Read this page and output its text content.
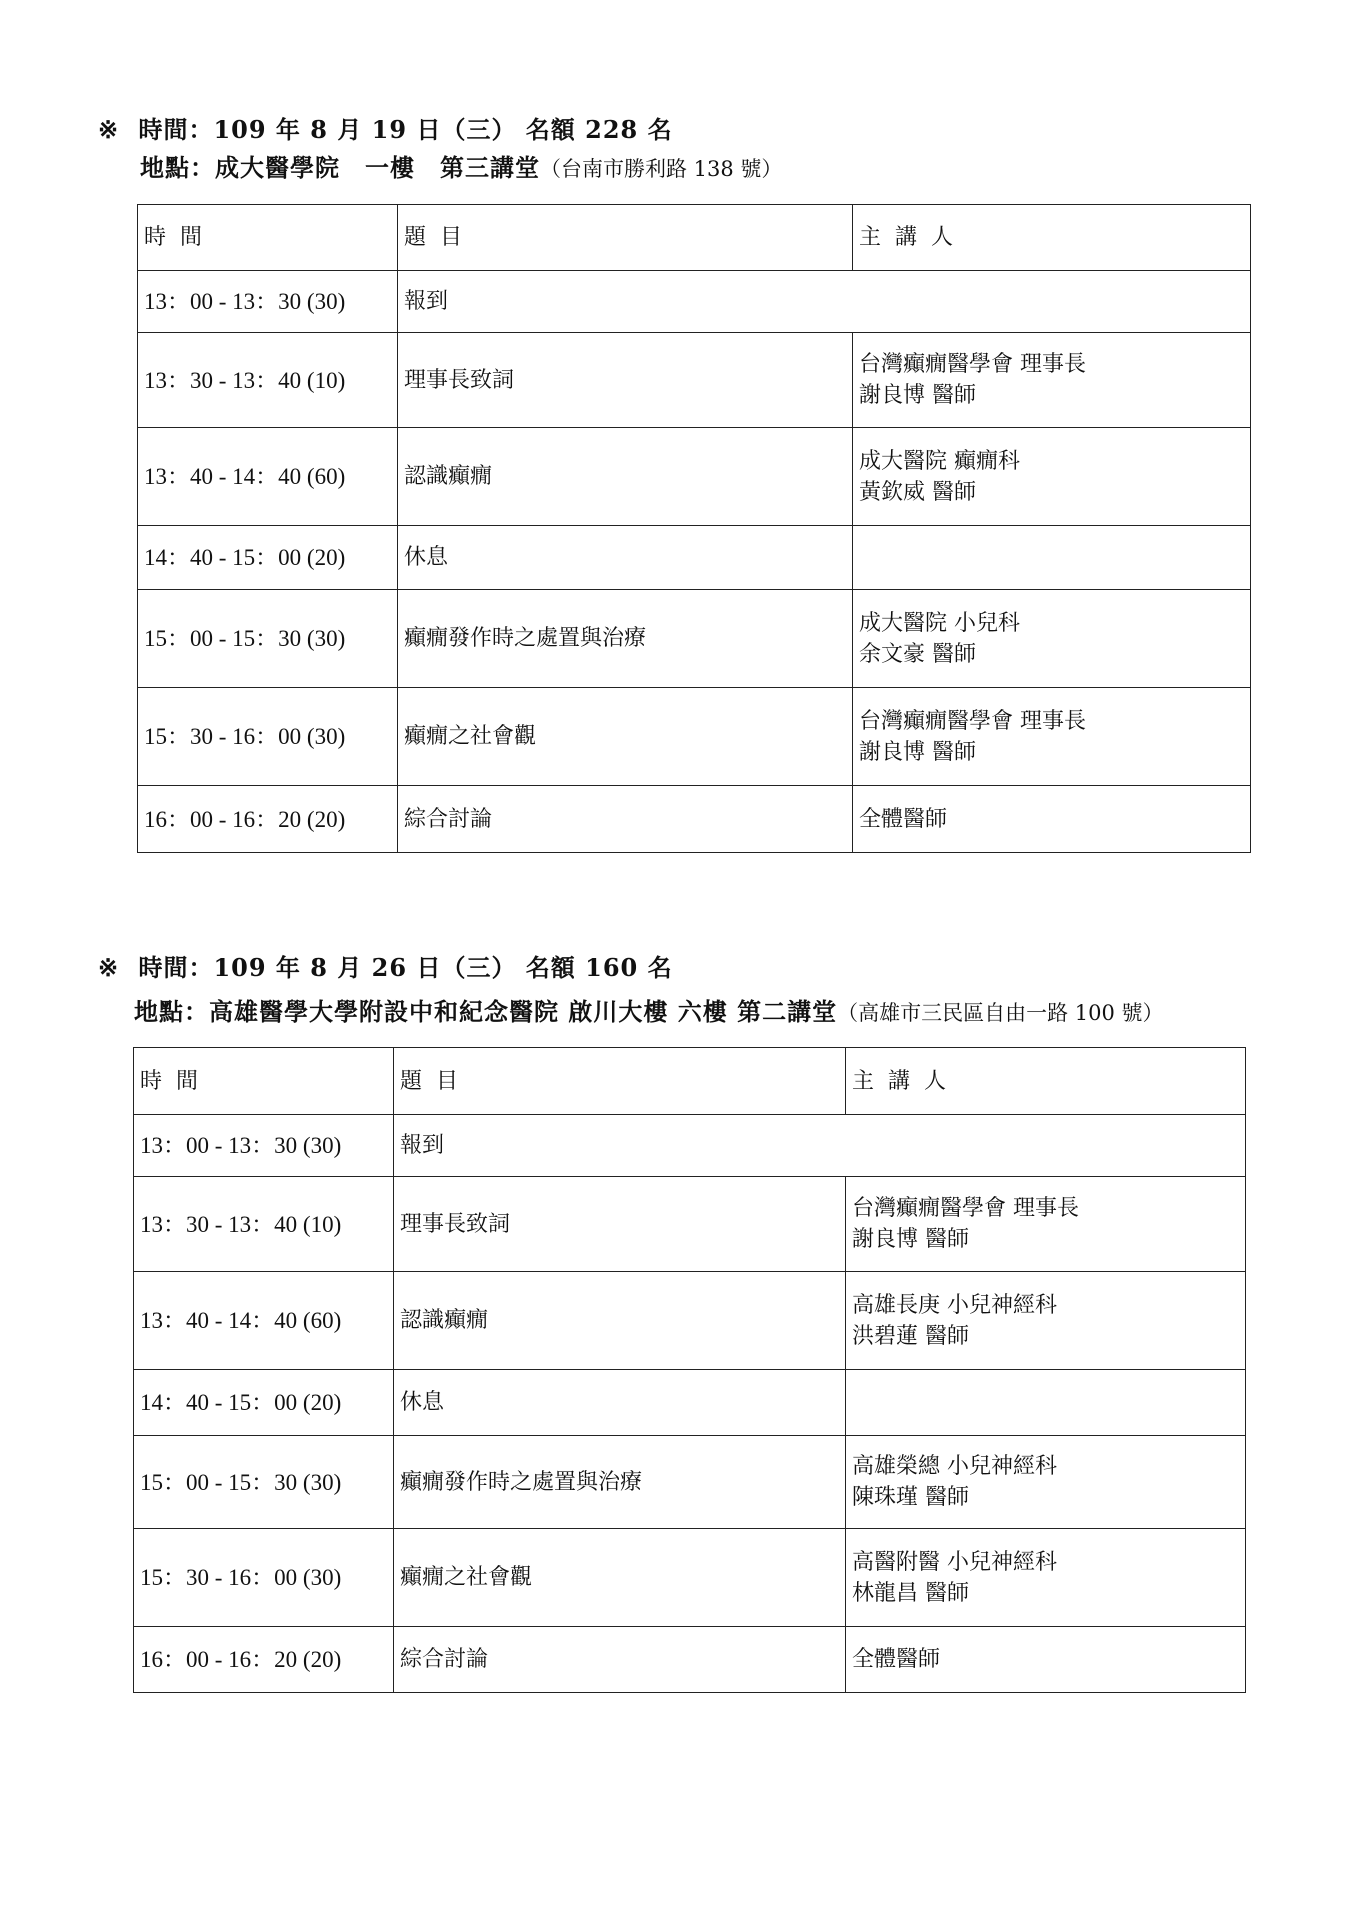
※ 時間：109 年 8 月 19 日（三） 名額 228 名
地點：成大醫學院　一樓　第三講堂（台南市勝利路 138 號）
時間	題目	主講人

13：00 - 13：30 (30)	報到	

13：30 - 13：40 (10)	理事長致詞	台灣癲癇醫學會 理事長
謝良博 醫師

13：40 - 14：40 (60)	認識癲癇	成大醫院 癲癇科
黃欽威 醫師

14：40 - 15：00 (20)	休息	

15：00 - 15：30 (30)	癲癇發作時之處置與治療	成大醫院 小兒科
余文豪 醫師

15：30 - 16：00 (30)	癲癇之社會觀	台灣癲癇醫學會 理事長
謝良博 醫師

16：00 - 16：20 (20)	綜合討論	全體醫師
※ 時間：109 年 8 月 26 日（三） 名額 160 名
地點：高雄醫學大學附設中和紀念醫院 啟川大樓 六樓 第二講堂（高雄市三民區自由一路 100 號）
時間	題目	主講人

13：00 - 13：30 (30)	報到	

13：30 - 13：40 (10)	理事長致詞	台灣癲癇醫學會 理事長
謝良博 醫師

13：40 - 14：40 (60)	認識癲癇	高雄長庚 小兒神經科
洪碧蓮 醫師

14：40 - 15：00 (20)	休息	

15：00 - 15：30 (30)	癲癇發作時之處置與治療	高雄榮總 小兒神經科
陳珠瑾 醫師

15：30 - 16：00 (30)	癲癇之社會觀	高醫附醫 小兒神經科
林龍昌 醫師

16：00 - 16：20 (20)	綜合討論	全體醫師
